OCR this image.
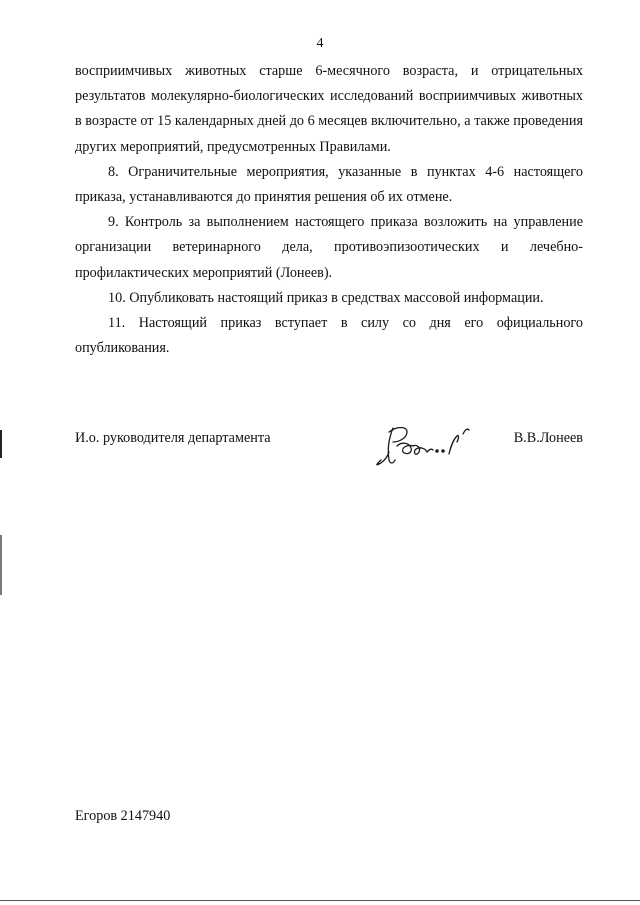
4

восприимчивых животных старше 6-месячного возраста, и отрицательных результатов молекулярно-биологических исследований восприимчивых животных в возрасте от 15 календарных дней до 6 месяцев включительно, а также проведения других мероприятий, предусмотренных Правилами.

8. Ограничительные мероприятия, указанные в пунктах 4-6 настоящего приказа, устанавливаются до принятия решения об их отмене.

9. Контроль за выполнением настоящего приказа возложить на управление организации ветеринарного дела, противоэпизоотических и лечебно-профилактических мероприятий (Лонеев).

10. Опубликовать настоящий приказ в средствах массовой информации.

11. Настоящий приказ вступает в силу со дня его официального опубликования.

И.о. руководителя департамента	В.В.Лонеев
Егоров 2147940
